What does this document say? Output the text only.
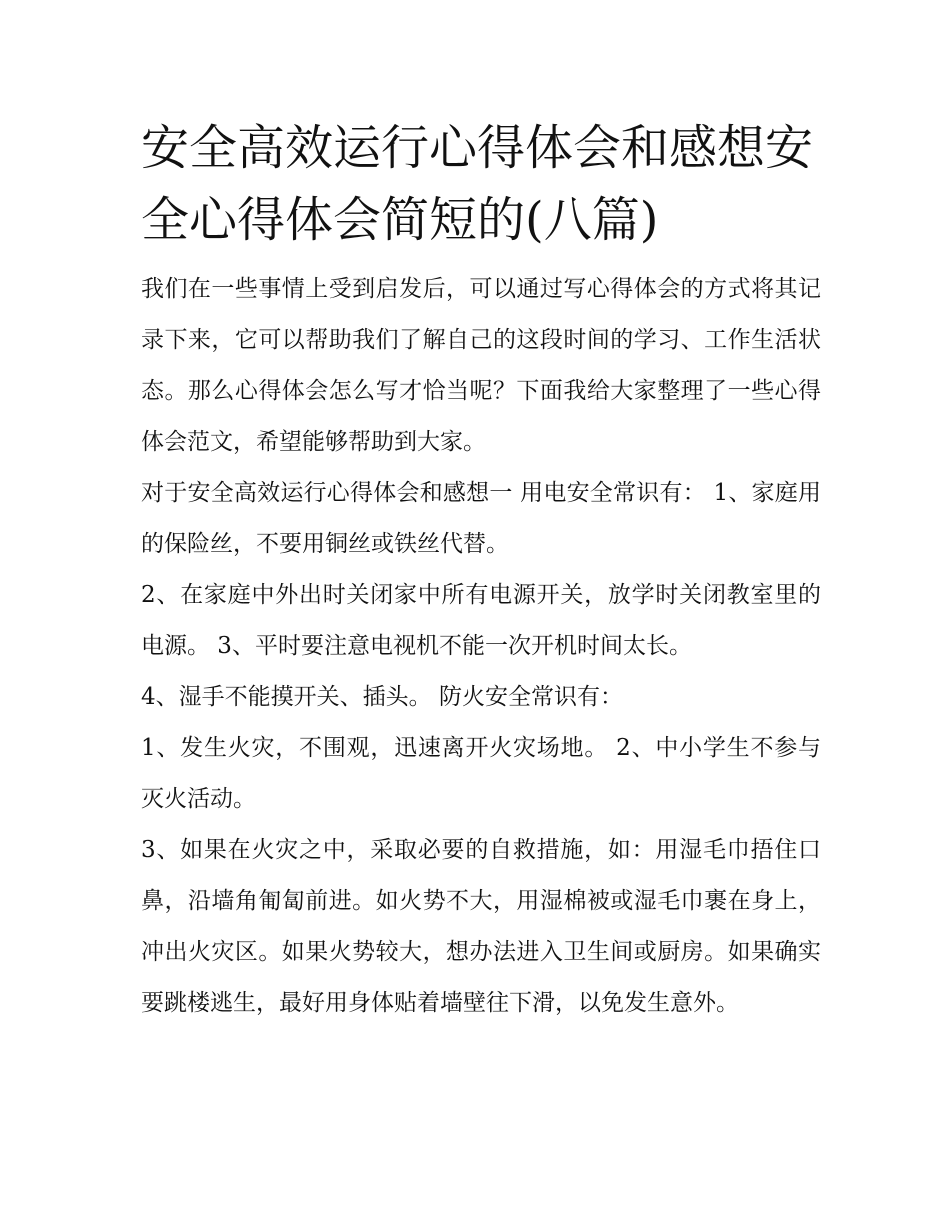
安全高效运行心得体会和感想安全心得体会简短的(八篇)

我们在一些事情上受到启发后，可以通过写心得体会的方式将其记录下来，它可以帮助我们了解自己的这段时间的学习、工作生活状态。那么心得体会怎么写才恰当呢？下面我给大家整理了一些心得体会范文，希望能够帮助到大家。

对于安全高效运行心得体会和感想一 用电安全常识有： 1、家庭用的保险丝，不要用铜丝或铁丝代替。

2、在家庭中外出时关闭家中所有电源开关，放学时关闭教室里的电源。 3、平时要注意电视机不能一次开机时间太长。

4、湿手不能摸开关、插头。 防火安全常识有：

1、发生火灾，不围观，迅速离开火灾场地。 2、中小学生不参与灭火活动。

3、如果在火灾之中，采取必要的自救措施，如：用湿毛巾捂住口鼻，沿墙角匍匐前进。如火势不大，用湿棉被或湿毛巾裹在身上，冲出火灾区。如果火势较大，想办法进入卫生间或厨房。如果确实要跳楼逃生，最好用身体贴着墙壁往下滑，以免发生意外。
